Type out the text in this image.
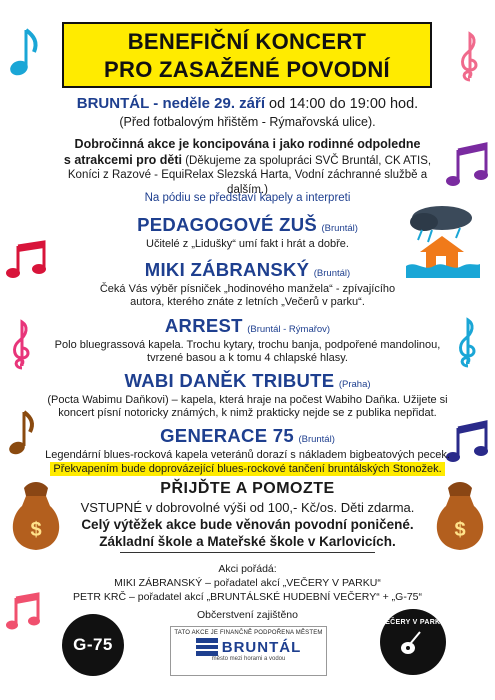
$	$
BENEFIČNÍ KONCERT
PRO ZASAŽENÉ POVODNÍ
BRUNTÁL - neděle 29. září od 14:00 do 19:00 hod.
(Před fotbalovým hřištěm - Rýmařovská ulice).
Dobročinná akce je koncipována i jako rodinné odpoledne
s atrakcemi pro děti (Děkujeme za spolupráci SVČ Bruntál, CK ATIS,
Koníci z Razové - EquiRelax Slezská Harta, Vodní záchranné službě a dalším.)
Na pódiu se představí kapely a interpreti
PEDAGOGOVÉ ZUŠ (Bruntál)
Učitelé z „Lidušky“ umí fakt i hrát a dobře.
MIKI ZÁBRANSKÝ (Bruntál)
Čeká Vás výběr písniček „hodinového manžela“ - zpívajícího
autora, kterého znáte z letních „Večerů v parku“.
ARREST (Bruntál - Rýmařov)
Polo bluegrassová kapela. Trochu kytary, trochu banja, podpořené mandolinou,
tvrzené basou a k tomu 4 chlapské hlasy.
WABI DANĚK TRIBUTE (Praha)
(Pocta Wabimu Daňkovi) – kapela, která hraje na počest Wabiho Daňka. Užijete si
koncert písní notoricky známých, k nimž prakticky nejde se z publika nepřidat.
GENERACE 75 (Bruntál)
Legendární blues-rocková kapela veteránů dorazí s nákladem bigbeatových pecek.
Překvapením bude doprovázející blues-rockové tančení bruntálských Stonožek.
PŘIJĎTE A POMOZTE
VSTUPNÉ v dobrovolné výši od 100,- Kč/os. Děti zdarma.
Celý výtěžek akce bude věnován povodní poničené.
Základní škole a Mateřské škole v Karlovicích.
Akci pořádá:
MIKI ZÁBRANSKÝ – pořadatel akcí „VEČERY V PARKU“
PETR KRČ – pořadatel akcí „BRUNTÁLSKÉ HUDEBNÍ VEČERY“ + „G-75“
Občerstvení zajištěno
G-75
TATO AKCE JE FINANČNĚ PODPOŘENA MĚSTEM
BRUNTÁL
město mezi horami a vodou
VEČERY V PARKU
